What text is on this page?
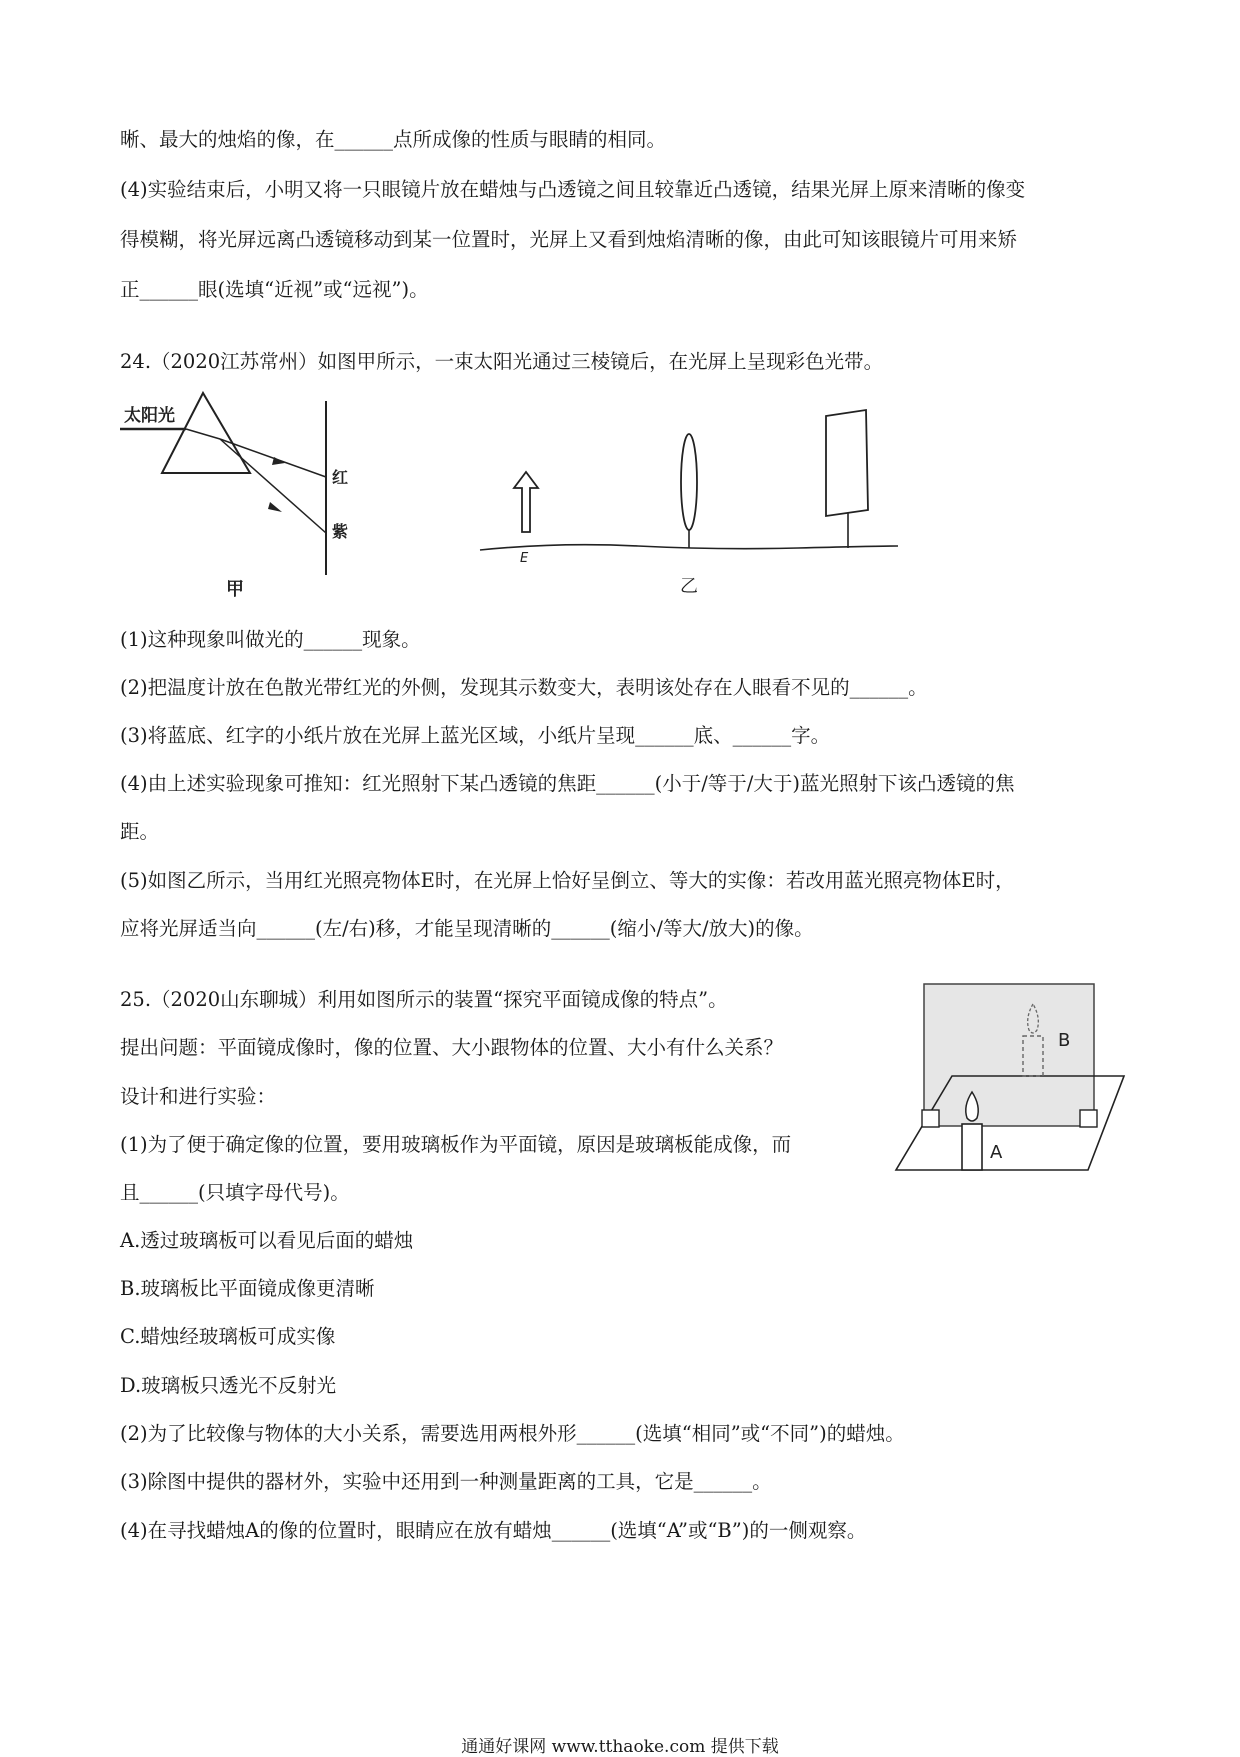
晰、最大的烛焰的像，在______点所成像的性质与眼睛的相同。
(4)实验结束后，小明又将一只眼镜片放在蜡烛与凸透镜之间且较靠近凸透镜，结果光屏上原来清晰的像变
得模糊，将光屏远离凸透镜移动到某一位置时，光屏上又看到烛焰清晰的像，由此可知该眼镜片可用来矫
正______眼(选填“近视”或“远视”)。
24.（2020江苏常州）如图甲所示，一束太阳光通过三棱镜后，在光屏上呈现彩色光带。
太阳光
红
紫
甲
E
乙
(1)这种现象叫做光的______现象。
(2)把温度计放在色散光带红光的外侧，发现其示数变大，表明该处存在人眼看不见的______。
(3)将蓝底、红字的小纸片放在光屏上蓝光区域，小纸片呈现______底、______字。
(4)由上述实验现象可推知：红光照射下某凸透镜的焦距______(小于/等于/大于)蓝光照射下该凸透镜的焦
距。
(5)如图乙所示，当用红光照亮物体E时，在光屏上恰好呈倒立、等大的实像：若改用蓝光照亮物体E时，
应将光屏适当向______(左/右)移，才能呈现清晰的______(缩小/等大/放大)的像。
25.（2020山东聊城）利用如图所示的装置“探究平面镜成像的特点”。
提出问题：平面镜成像时，像的位置、大小跟物体的位置、大小有什么关系？
设计和进行实验：
(1)为了便于确定像的位置，要用玻璃板作为平面镜，原因是玻璃板能成像，而
且______(只填字母代号)。
B
A
A.透过玻璃板可以看见后面的蜡烛
B.玻璃板比平面镜成像更清晰
C.蜡烛经玻璃板可成实像
D.玻璃板只透光不反射光
(2)为了比较像与物体的大小关系，需要选用两根外形______(选填“相同”或“不同”)的蜡烛。
(3)除图中提供的器材外，实验中还用到一种测量距离的工具，它是______。
(4)在寻找蜡烛A的像的位置时，眼睛应在放有蜡烛______(选填“A”或“B”)的一侧观察。
通通好课网 www.tthaoke.com 提供下载
